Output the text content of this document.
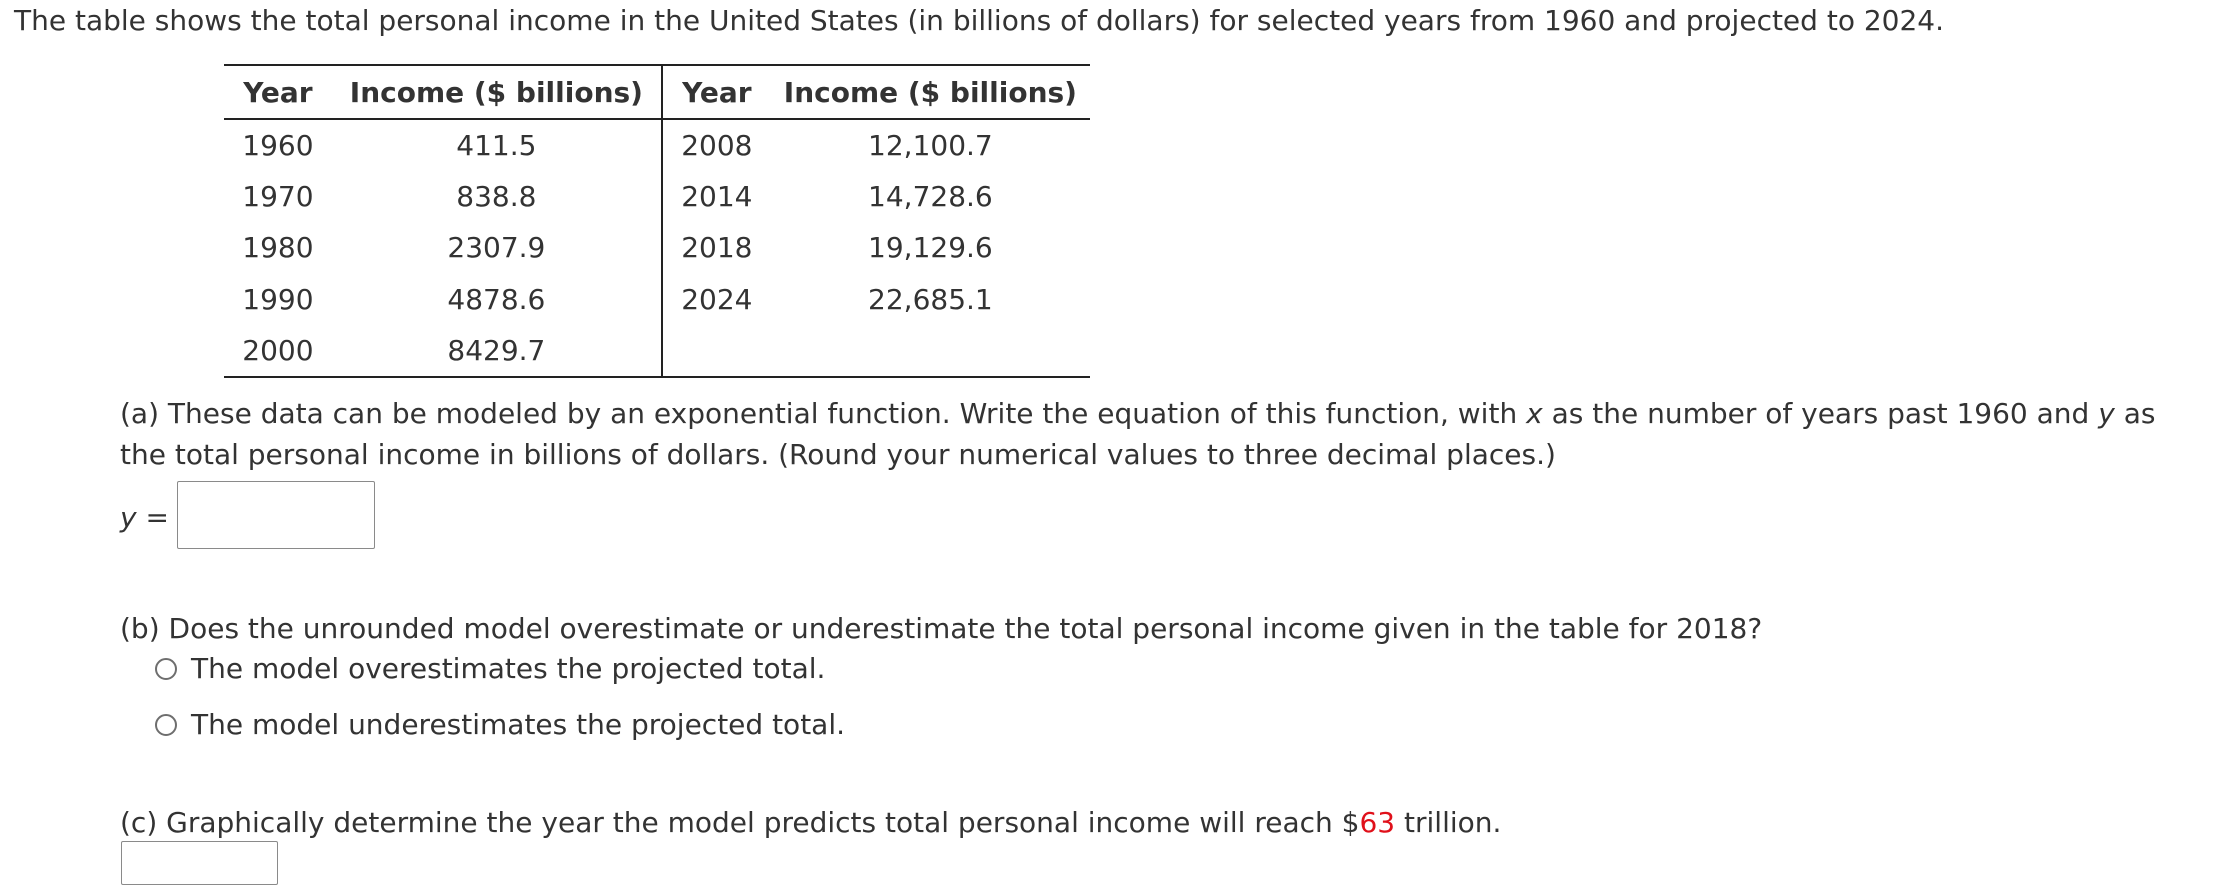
The table shows the total personal income in the United States (in billions of dollars) for selected years from 1960 and projected to 2024.
Year	Income ($ billions)	Year	Income ($ billions)
1960	411.5	2008	12,100.7
1970	838.8	2014	14,728.6
1980	2307.9	2018	19,129.6
1990	4878.6	2024	22,685.1
2000	8429.7		
(a) These data can be modeled by an exponential function. Write the equation of this function, with x as the number of years past 1960 and y as the total personal income in billions of dollars. (Round your numerical values to three decimal places.)
y =
(b) Does the unrounded model overestimate or underestimate the total personal income given in the table for 2018?
The model overestimates the projected total.
The model underestimates the projected total.
(c) Graphically determine the year the model predicts total personal income will reach $63 trillion.
